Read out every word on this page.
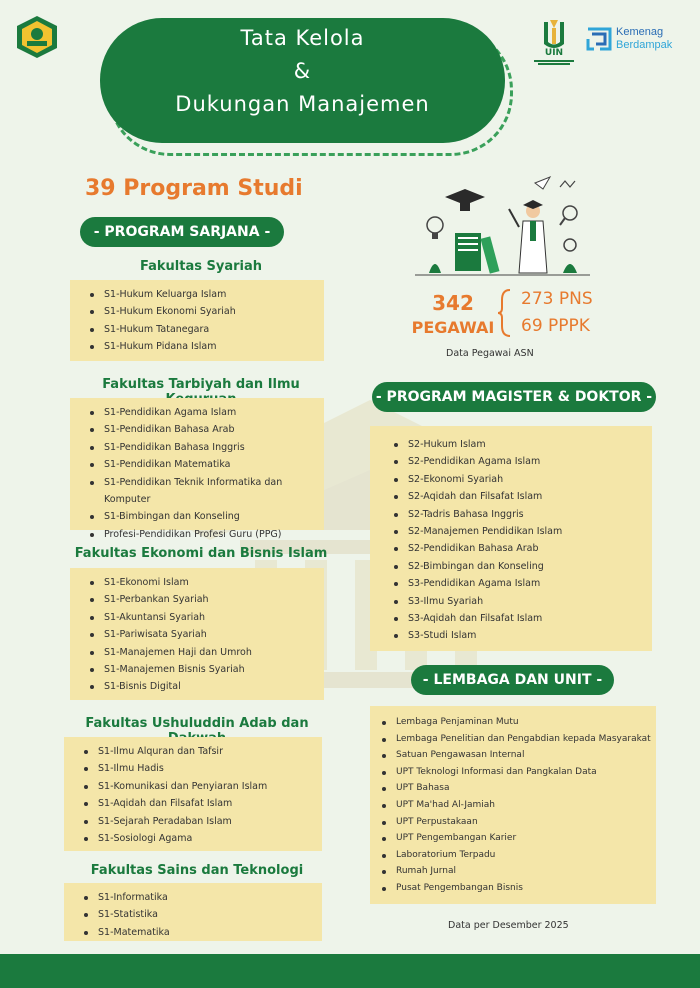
UIN
Kemenag
Berdampak
Tata Kelola
&
Dukungan Manajemen
39 Program Studi
- PROGRAM SARJANA -
Fakultas Syariah
S1-Hukum Keluarga Islam
S1-Hukum Ekonomi Syariah
S1-Hukum Tatanegara
S1-Hukum Pidana Islam
Fakultas Tarbiyah dan Ilmu
S1-Pendidikan Agama Islam
S1-Pendidikan Bahasa Arab
S1-Pendidikan Bahasa Inggris
S1-Pendidikan Matematika
S1-Pendidikan Teknik Informatika dan Komputer
S1-Bimbingan dan Konseling
Profesi-Pendidikan Profesi Guru (PPG)
Fakultas Ekonomi dan Bisnis Islam
S1-Ekonomi Islam
S1-Perbankan Syariah
S1-Akuntansi Syariah
S1-Pariwisata Syariah
S1-Manajemen Haji dan Umroh
S1-Manajemen Bisnis Syariah
S1-Bisnis Digital
Fakultas Ushuluddin Adab dan
S1-Ilmu Alquran dan Tafsir
S1-Ilmu Hadis
S1-Komunikasi dan Penyiaran Islam
S1-Aqidah dan Filsafat Islam
S1-Sejarah Peradaban Islam
S1-Sosiologi Agama
Fakultas Sains dan Teknologi
S1-Informatika
S1-Statistika
S1-Matematika
342
PEGAWAI
273 PNS
69 PPPK
Data Pegawai ASN
- PROGRAM MAGISTER & DOKTOR -
S2-Hukum Islam
S2-Pendidikan Agama Islam
S2-Ekonomi Syariah
S2-Aqidah dan Filsafat Islam
S2-Tadris Bahasa Inggris
S2-Manajemen Pendidikan Islam
S2-Pendidikan Bahasa Arab
S2-Bimbingan dan Konseling
S3-Pendidikan Agama Islam
S3-Ilmu Syariah
S3-Aqidah dan Filsafat Islam
S3-Studi Islam
- LEMBAGA DAN UNIT -
Lembaga Penjaminan Mutu
Lembaga Penelitian dan Pengabdian kepada Masyarakat
Satuan Pengawasan Internal
UPT Teknologi Informasi dan Pangkalan Data
UPT Bahasa
UPT Ma'had Al-Jamiah
UPT Perpustakaan
UPT Pengembangan Karier
Laboratorium Terpadu
Rumah Jurnal
Pusat Pengembangan Bisnis
Data per Desember 2025
